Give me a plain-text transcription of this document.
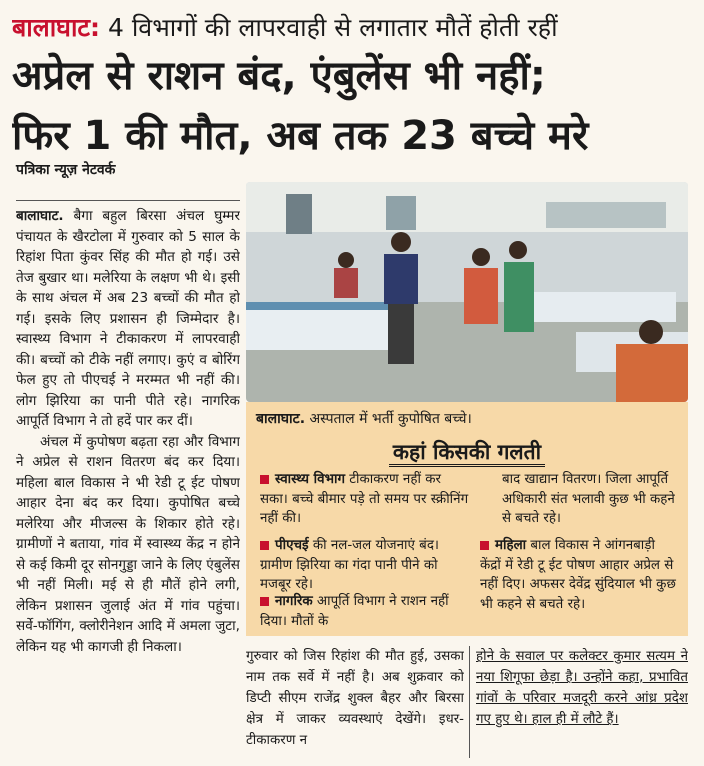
बालाघाट: 4 विभागों की लापरवाही से लगातार मौतें होती रहीं
अप्रेल से राशन बंद, एंबुलेंस भी नहीं;
फिर 1 की मौत, अब तक 23 बच्चे मरे
पत्रिका न्यूज़ नेटवर्क

बालाघाट. बैगा बहुल बिरसा अंचल घुम्मर पंचायत के खैरटोला में गुरुवार को 5 साल के रिहांश पिता कुंवर सिंह की मौत हो गई। उसे तेज बुखार था। मलेरिया के लक्षण भी थे। इसी के साथ अंचल में अब 23 बच्चों की मौत हो गई। इसके लिए प्रशासन ही जिम्मेदार है। स्वास्थ्य विभाग ने टीकाकरण में लापरवाही की। बच्चों को टीके नहीं लगाए। कुएं व बोरिंग फेल हुए तो पीएचई ने मरम्मत भी नहीं की। लोग झिरिया का पानी पीते रहे। नागरिक आपूर्ति विभाग ने तो हदें पार कर दीं।

अंचल में कुपोषण बढ़ता रहा और विभाग ने अप्रेल से राशन वितरण बंद कर दिया। महिला बाल विकास ने भी रेडी टू ईट पोषण आहार देना बंद कर दिया। कुपोषित बच्चे मलेरिया और मीजल्स के शिकार होते रहे। ग्रामीणों ने बताया, गांव में स्वास्थ्य केंद्र न होने से कई किमी दूर सोनगुड्डा जाने के लिए एंबुलेंस भी नहीं मिली। मई से ही मौतें होने लगी, लेकिन प्रशासन जुलाई अंत में गांव पहुंचा। सर्वे-फॉगिंग, क्लोरीनेशन आदि में अमला जुटा, लेकिन यह भी कागजी ही निकला।

बालाघाट. अस्पताल में भर्ती कुपोषित बच्चे।
कहां किसकी गलती
स्वास्थ्य विभाग टीकाकरण नहीं कर सका। बच्चे बीमार पड़े तो समय पर स्क्रीनिंग नहीं की।
पीएचई की नल-जल योजनाएं बंद। ग्रामीण झिरिया का गंदा पानी पीने को मजबूर रहे।
नागरिक आपूर्ति विभाग ने राशन नहीं दिया। मौतों के
बाद खाद्यान वितरण। जिला आपूर्ति अधिकारी संत भलावी कुछ भी कहने से बचते रहे।
महिला बाल विकास ने आंगनबाड़ी केंद्रों में रेडी टू ईट पोषण आहार अप्रेल से नहीं दिए। अफसर देवेंद्र सुंदियाल भी कुछ भी कहने से बचते रहे।
गुरुवार को जिस रिहांश की मौत हुई, उसका नाम तक सर्वे में नहीं है। अब शुक्रवार को डिप्टी सीएम राजेंद्र शुक्ल बैहर और बिरसा क्षेत्र में जाकर व्यवस्थाएं देखेंगे। इधर-टीकाकरण न
होने के सवाल पर कलेक्टर कुमार सत्यम ने नया शिगूफा छेड़ा है। उन्होंने कहा, प्रभावित गांवों के परिवार मजदूरी करने आंध्र प्रदेश गए हुए थे। हाल ही में लौटे हैं।
